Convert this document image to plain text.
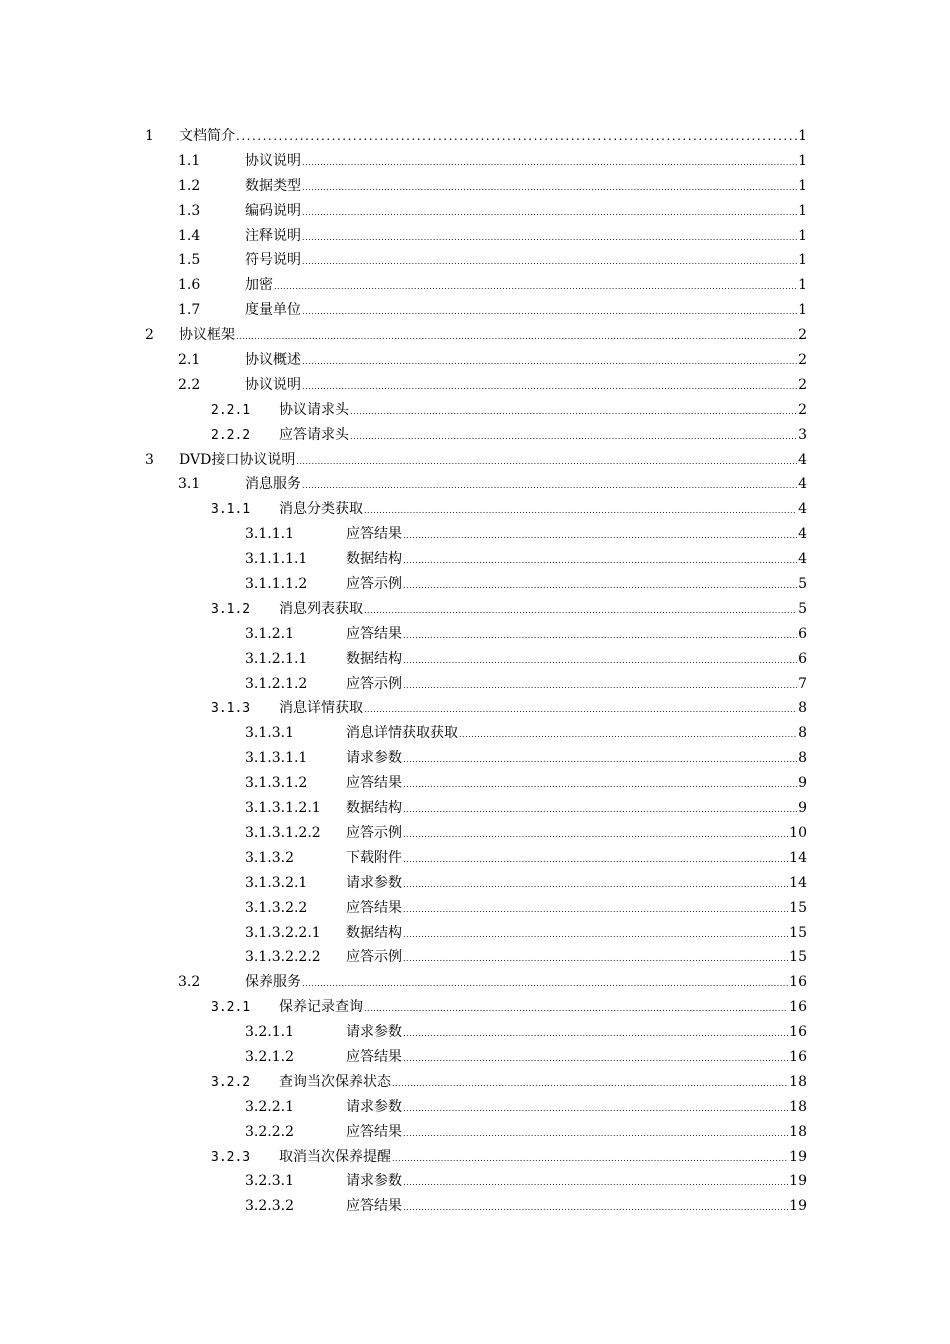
1	文档简介 .....	1
1.1	协议说明 .....	1
1.2	数据类型 .....	1
1.3	编码说明 .....	1
1.4	注释说明 .....	1
1.5	符号说明 .....	1
1.6	加密 .....	1
1.7	度量单位 .....	1
2	协议框架 .....	2
2.1	协议概述 .....	2
2.2	协议说明 .....	2
2.2.1	协议请求头 .....	2
2.2.2	应答请求头 .....	3
3	DVD接口协议说明 .....	4
3.1	消息服务 .....	4
3.1.1	消息分类获取 .....	4
3.1.1.1	应答结果 .....	4
3.1.1.1.1	数据结构 .....	4
3.1.1.1.2	应答示例 .....	5
3.1.2	消息列表获取 .....	5
3.1.2.1	应答结果 .....	6
3.1.2.1.1	数据结构 .....	6
3.1.2.1.2	应答示例 .....	7
3.1.3	消息详情获取 .....	8
3.1.3.1	消息详情获取获取 .....	8
3.1.3.1.1	请求参数 .....	8
3.1.3.1.2	应答结果 .....	9
3.1.3.1.2.1	数据结构 .....	9
3.1.3.1.2.2	应答示例 .....	10
3.1.3.2	下载附件 .....	14
3.1.3.2.1	请求参数 .....	14
3.1.3.2.2	应答结果 .....	15
3.1.3.2.2.1	数据结构 .....	15
3.1.3.2.2.2	应答示例 .....	15
3.2	保养服务 .....	16
3.2.1	保养记录查询 .....	16
3.2.1.1	请求参数 .....	16
3.2.1.2	应答结果 .....	16
3.2.2	查询当次保养状态 .....	18
3.2.2.1	请求参数 .....	18
3.2.2.2	应答结果 .....	18
3.2.3	取消当次保养提醒 .....	19
3.2.3.1	请求参数 .....	19
3.2.3.2	应答结果 .....	19
